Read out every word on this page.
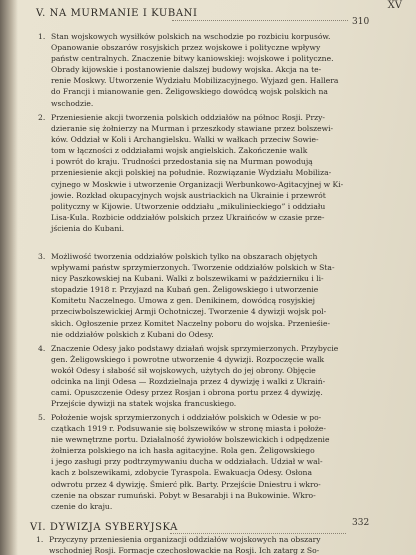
XV
V. NA MURMANIE I KUBANI
310
1. Stan wojskowych wysiłków polskich na wschodzie po rozbiciu korpusów.
Opanowanie obszarów rosyjskich przez wojskowe i polityczne wpływy
państw centralnych. Znaczenie bitwy kaniowskiej: wojskowe i polityczne.
Obrady kijowskie i postanowienie dalszej budowy wojska. Akcja na te-
renie Moskwy. Utworzenie Wydziału Mobilizacyjnego. Wyjazd gen. Hallera
do Francji i mianowanie gen. Żeligowskiego dowódcą wojsk polskich na
wschodzie.
2. Przeniesienie akcji tworzenia polskich oddziałów na północ Rosji. Przy-
dzieranie się żołnierzy na Murman i przeszkody stawiane przez bolszewi-
ków. Oddział w Koli i Archangielsku. Walki w wałkach przeciw Sowie-
tom w łączności z oddziałami wojsk angielskich. Zakończenie walk
i powrót do kraju. Trudności przedostania się na Murman powodują
przeniesienie akcji polskiej na południe. Rozwiązanie Wydziału Mobiliza-
cyjnego w Moskwie i utworzenie Organizacji Werbunkowo-Agitacyjnej w Ki-
jowie. Rozkład okupacyjnych wojsk austriackich na Ukrainie i przewrót
polityczny w Kijowie. Utworzenie oddziału „mikulinieckiego” i oddziału
Lisa-Kula. Rozbicie oddziałów polskich przez Ukraińców w czasie prze-
jścienia do Kubani.
3. Możliwość tworzenia oddziałów polskich tylko na obszarach objętych
wpływami państw sprzymierzonych. Tworzenie oddziałów polskich w Sta-
nicy Paszkowskiej na Kubani. Walki z bolszewikami w październiku i li-
stopadzie 1918 r. Przyjazd na Kubań gen. Żeligowskiego i utworzenie
Komitetu Naczelnego. Umowa z gen. Denikinem, dowódcą rosyjskiej
przeciwbolszewickiej Armji Ochotniczej. Tworzenie 4 dywizji wojsk pol-
skich. Ogłoszenie przez Komitet Naczelny poboru do wojska. Przenieśie-
nie oddziałów polskich z Kubani do Odesy.
4. Znaczenie Odesy jako podstawy działań wojsk sprzymierzonych. Przybycie
gen. Żeligowskiego i powrotne utworzenie 4 dywizji. Rozpoczęcie walk
wokół Odesy i słabość sił wojskowych, użytych do jej obrony. Objęcie
odcinka na linji Odesa — Rozdzielnaja przez 4 dywizję i walki z Ukraiń-
cami. Opuszczenie Odesy przez Rosjan i obrona portu przez 4 dywizję.
Przejście dywizji na statek wojska francuskiego.
5. Położenie wojsk sprzymierzonych i oddziałów polskich w Odesie w po-
czątkach 1919 r. Podsuwanie się bolszewików w stronę miasta i położe-
nie wewnętrzne portu. Działalność żywiołów bolszewickich i odpędzenie
żołnierza polskiego na ich hasła agitacyjne. Rola gen. Żeligowskiego
i jego zasługi przy podtrzymywaniu ducha w oddziałach. Udział w wal-
kach z bolszewikami, zdobycie Tyraspola. Ewakuacja Odesy. Osłona
odwrotu przez 4 dywizję. Śmierć płk. Barty. Przejście Dniestru i wkro-
czenie na obszar rumuński. Pobyt w Besarabji i na Bukowinie. Wkro-
czenie do kraju.
VI. DYWIZJA SYBERYJSKA	332
1. Przyczyny przeniesienia organizacji oddziałów wojskowych na obszary
wschodniej Rosji. Formacje czechosłowackie na Rosji. Ich zatarg z So-
